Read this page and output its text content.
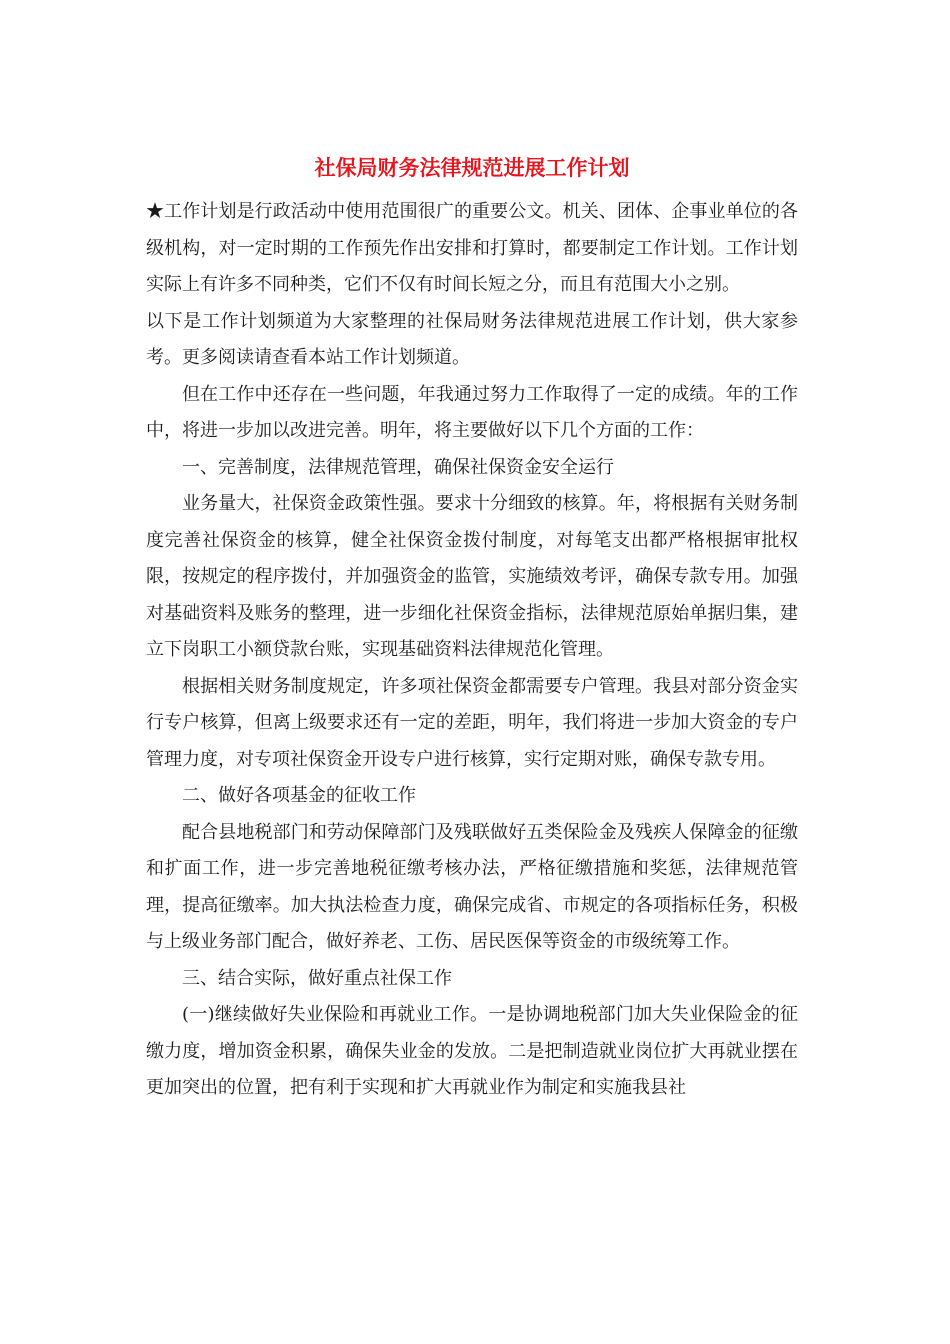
社保局财务法律规范进展工作计划

★工作计划是行政活动中使用范围很广的重要公文。机关、团体、企事业单位的各级机构，对一定时期的工作预先作出安排和打算时，都要制定工作计划。工作计划实际上有许多不同种类，它们不仅有时间长短之分，而且有范围大小之别。

以下是工作计划频道为大家整理的社保局财务法律规范进展工作计划，供大家参考。更多阅读请查看本站工作计划频道。

但在工作中还存在一些问题，年我通过努力工作取得了一定的成绩。年的工作中，将进一步加以改进完善。明年，将主要做好以下几个方面的工作：

一、完善制度，法律规范管理，确保社保资金安全运行

业务量大，社保资金政策性强。要求十分细致的核算。年，将根据有关财务制度完善社保资金的核算，健全社保资金拨付制度，对每笔支出都严格根据审批权限，按规定的程序拨付，并加强资金的监管，实施绩效考评，确保专款专用。加强对基础资料及账务的整理，进一步细化社保资金指标，法律规范原始单据归集，建立下岗职工小额贷款台账，实现基础资料法律规范化管理。

根据相关财务制度规定，许多项社保资金都需要专户管理。我县对部分资金实行专户核算，但离上级要求还有一定的差距，明年，我们将进一步加大资金的专户管理力度，对专项社保资金开设专户进行核算，实行定期对账，确保专款专用。

二、做好各项基金的征收工作

配合县地税部门和劳动保障部门及残联做好五类保险金及残疾人保障金的征缴和扩面工作，进一步完善地税征缴考核办法，严格征缴措施和奖惩，法律规范管理，提高征缴率。加大执法检查力度，确保完成省、市规定的各项指标任务，积极与上级业务部门配合，做好养老、工伤、居民医保等资金的市级统筹工作。

三、结合实际，做好重点社保工作

(一)继续做好失业保险和再就业工作。一是协调地税部门加大失业保险金的征缴力度，增加资金积累，确保失业金的发放。二是把制造就业岗位扩大再就业摆在更加突出的位置，把有利于实现和扩大再就业作为制定和实施我县社
